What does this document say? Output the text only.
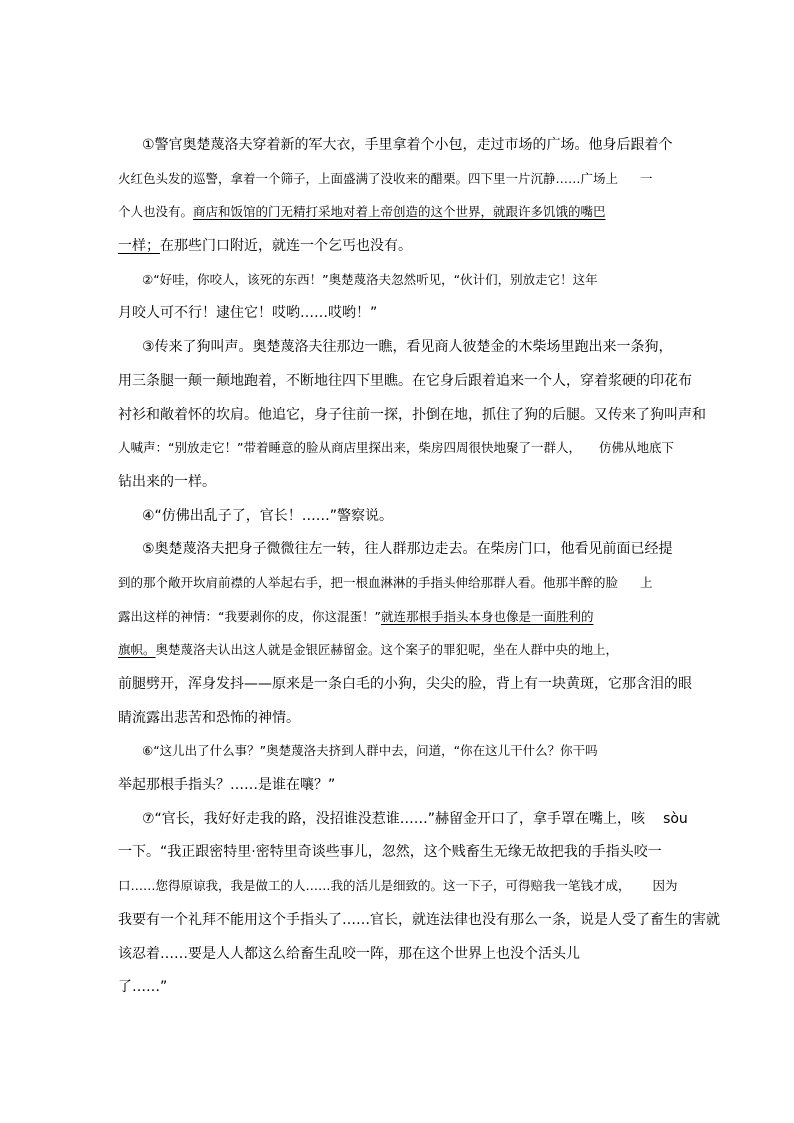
①警官奥楚蔑洛夫穿着新的军大衣，手里拿着个小包，走过市场的广场。他身后跟着个
火红色头发的巡警，拿着一个筛子，上面盛满了没收来的醋栗。四下里一片沉静……广场上 一
个人也没有。商店和饭馆的门无精打采地对着上帝创造的这个世界，就跟许多饥饿的嘴巴
一样；在那些门口附近，就连一个乞丐也没有。
②“好哇，你咬人，该死的东西！”奥楚蔑洛夫忽然听见，“伙计们，别放走它！这年
月咬人可不行！逮住它！哎哟……哎哟！”
③传来了狗叫声。奥楚蔑洛夫往那边一瞧，看见商人彼楚金的木柴场里跑出来一条狗，
用三条腿一颠一颠地跑着，不断地往四下里瞧。在它身后跟着追来一个人，穿着浆硬的印花布
衬衫和敞着怀的坎肩。他追它，身子往前一探，扑倒在地，抓住了狗的后腿。又传来了狗叫声和
人喊声：“别放走它！”带着睡意的脸从商店里探出来，柴房四周很快地聚了一群人， 仿佛从地底下
钻出来的一样。
④“仿佛出乱子了，官长！……”警察说。
⑤奥楚蔑洛夫把身子微微往左一转，往人群那边走去。在柴房门口，他看见前面已经提
到的那个敞开坎肩前襟的人举起右手，把一根血淋淋的手指头伸给那群人看。他那半醉的脸 上
露出这样的神情：“我要剥你的皮，你这混蛋！”就连那根手指头本身也像是一面胜利的
旗帜。奥楚蔑洛夫认出这人就是金银匠赫留金。这个案子的罪犯呢，坐在人群中央的地上，
前腿劈开，浑身发抖——原来是一条白毛的小狗，尖尖的脸，背上有一块黄斑，它那含泪的眼
睛流露出悲苦和恐怖的神情。
⑥“这儿出了什么事？”奥楚蔑洛夫挤到人群中去，问道，“你在这儿干什么？你干吗
举起那根手指头？……是谁在嚷？”
⑦“官长，我好好走我的路，没招谁没惹谁……”赫留金开口了，拿手罩在嘴上，咳 sòu
一下。“我正跟密特里·密特里奇谈些事儿，忽然，这个贱畜生无缘无故把我的手指头咬一
口……您得原谅我，我是做工的人……我的活儿是细致的。这一下子，可得赔我一笔钱才成， 因为
我要有一个礼拜不能用这个手指头了……官长，就连法律也没有那么一条，说是人受了畜生的害就
该忍着……要是人人都这么给畜生乱咬一阵，那在这个世界上也没个活头儿
了……”
